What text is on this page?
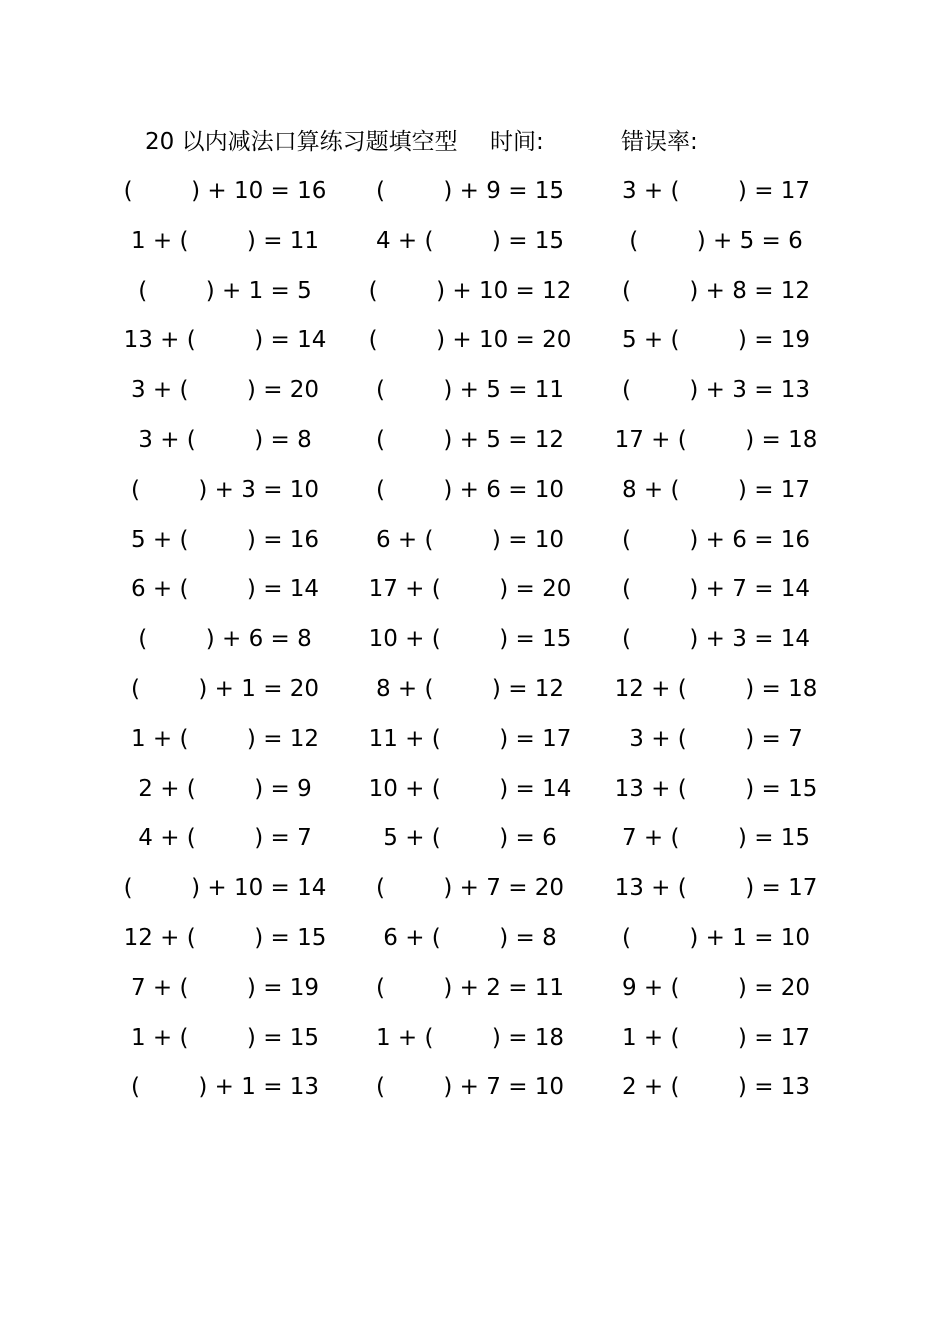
20 以内减法口算练习题填空型 时间:	错误率:
(        ) + 10 = 16
1 + (        ) = 11
(        ) + 1 = 5
13 + (        ) = 14
3 + (        ) = 20
3 + (        ) = 8
(        ) + 3 = 10
5 + (        ) = 16
6 + (        ) = 14
(        ) + 6 = 8
(        ) + 1 = 20
1 + (        ) = 12
2 + (        ) = 9
4 + (        ) = 7
(        ) + 10 = 14
12 + (        ) = 15
7 + (        ) = 19
1 + (        ) = 15
(        ) + 1 = 13
(        ) + 9 = 15
4 + (        ) = 15
(        ) + 10 = 12
(        ) + 10 = 20
(        ) + 5 = 11
(        ) + 5 = 12
(        ) + 6 = 10
6 + (        ) = 10
17 + (        ) = 20
10 + (        ) = 15
8 + (        ) = 12
11 + (        ) = 17
10 + (        ) = 14
5 + (        ) = 6
(        ) + 7 = 20
6 + (        ) = 8
(        ) + 2 = 11
1 + (        ) = 18
(        ) + 7 = 10
3 + (        ) = 17
(        ) + 5 = 6
(        ) + 8 = 12
5 + (        ) = 19
(        ) + 3 = 13
17 + (        ) = 18
8 + (        ) = 17
(        ) + 6 = 16
(        ) + 7 = 14
(        ) + 3 = 14
12 + (        ) = 18
3 + (        ) = 7
13 + (        ) = 15
7 + (        ) = 15
13 + (        ) = 17
(        ) + 1 = 10
9 + (        ) = 20
1 + (        ) = 17
2 + (        ) = 13
